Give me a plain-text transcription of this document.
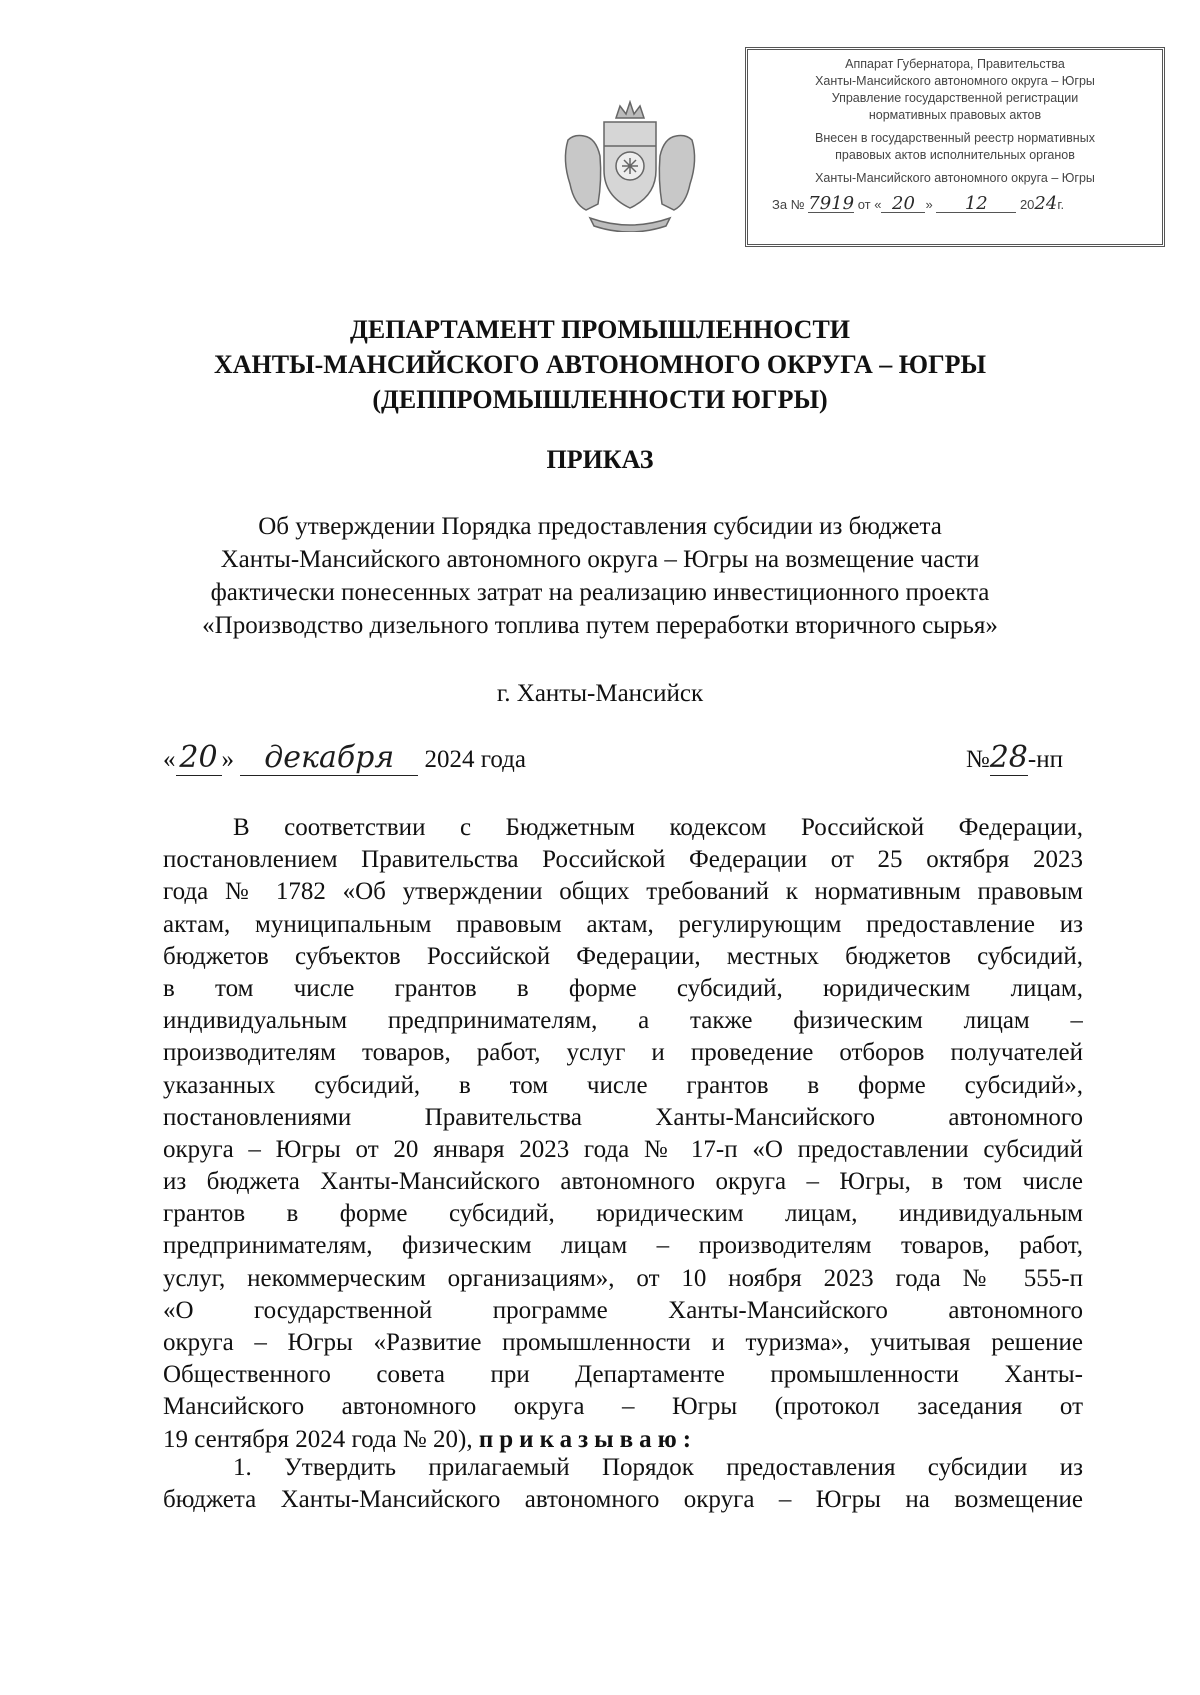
Аппарат Губернатора, Правительства
Ханты-Мансийского автономного округа – Югры
Управление государственной регистрации
нормативных правовых актов
Внесен в государственный реестр нормативных
правовых актов исполнительных органов
Ханты-Мансийского автономного округа – Югры
За № 7919 от « 20 » 12 2024г.
ДЕПАРТАМЕНТ ПРОМЫШЛЕННОСТИ
ХАНТЫ-МАНСИЙСКОГО АВТОНОМНОГО ОКРУГА – ЮГРЫ
(ДЕППРОМЫШЛЕННОСТИ ЮГРЫ)
ПРИКАЗ
Об утверждении Порядка предоставления субсидии из бюджета
Ханты-Мансийского автономного округа – Югры на возмещение части
фактически понесенных затрат на реализацию инвестиционного проекта
«Производство дизельного топлива путем переработки вторичного сырья»
г. Ханты-Мансийск
« 20 » декабря 2024 года	№28-нп
В соответствии с Бюджетным кодексом Российской Федерации,
постановлением Правительства Российской Федерации от 25 октября 2023
года № 1782 «Об утверждении общих требований к нормативным правовым
актам, муниципальным правовым актам, регулирующим предоставление из
бюджетов субъектов Российской Федерации, местных бюджетов субсидий,
в том числе грантов в форме субсидий, юридическим лицам,
индивидуальным предпринимателям, а также физическим лицам –
производителям товаров, работ, услуг и проведение отборов получателей
указанных субсидий, в том числе грантов в форме субсидий»,
постановлениями Правительства Ханты-Мансийского автономного
округа – Югры от 20 января 2023 года № 17-п «О предоставлении субсидий
из бюджета Ханты-Мансийского автономного округа – Югры, в том числе
грантов в форме субсидий, юридическим лицам, индивидуальным
предпринимателям, физическим лицам – производителям товаров, работ,
услуг, некоммерческим организациям», от 10 ноября 2023 года № 555-п
«О государственной программе Ханты-Мансийского автономного
округа – Югры «Развитие промышленности и туризма», учитывая решение
Общественного совета при Департаменте промышленности Ханты-
Мансийского автономного округа – Югры (протокол заседания от
19 сентября 2024 года № 20), приказываю:
1. Утвердить прилагаемый Порядок предоставления субсидии из
бюджета Ханты-Мансийского автономного округа – Югры на возмещение
